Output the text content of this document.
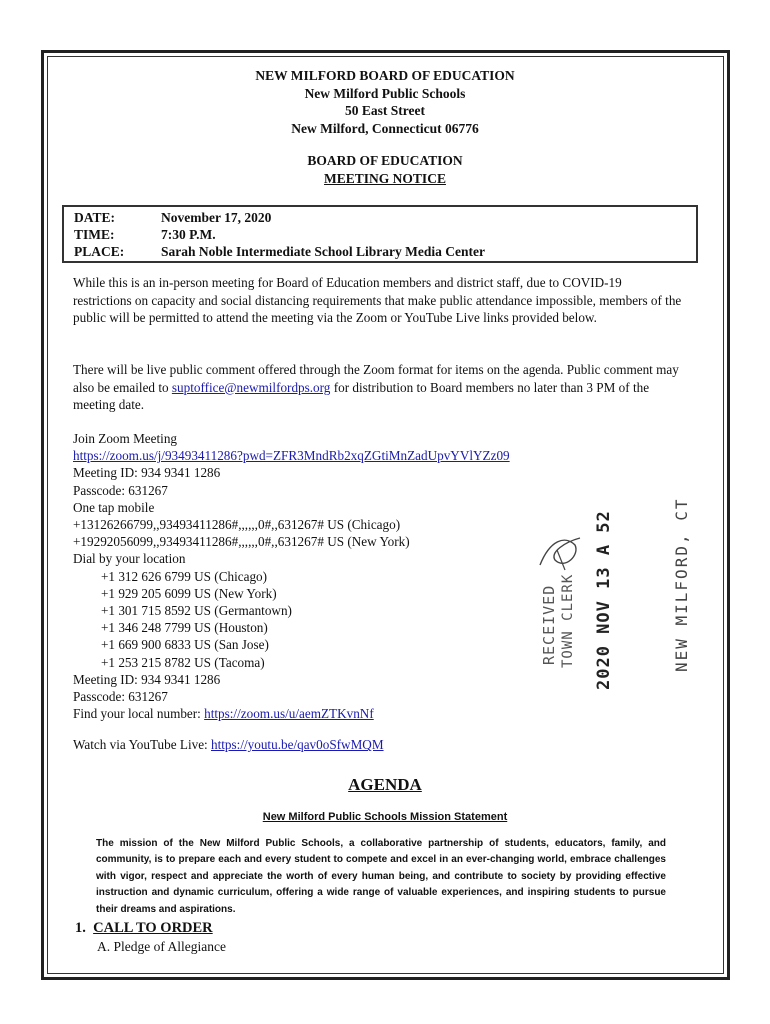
NEW MILFORD BOARD OF EDUCATION
New Milford Public Schools
50 East Street
New Milford, Connecticut 06776
BOARD OF EDUCATION
MEETING NOTICE
DATE:	November 17, 2020
TIME:	7:30 P.M.
PLACE:	Sarah Noble Intermediate School Library Media Center
While this is an in-person meeting for Board of Education members and district staff, due to COVID-19 restrictions on capacity and social distancing requirements that make public attendance impossible, members of the public will be permitted to attend the meeting via the Zoom or YouTube Live links provided below.
There will be live public comment offered through the Zoom format for items on the agenda. Public comment may also be emailed to suptoffice@newmilfordps.org for distribution to Board members no later than 3 PM of the meeting date.
Join Zoom Meeting
https://zoom.us/j/93493411286?pwd=ZFR3MndRb2xqZGtiMnZadUpvYVlYZz09
Meeting ID: 934 9341 1286
Passcode: 631267
One tap mobile
+13126266799,,93493411286#,,,,,,0#,,631267# US (Chicago)
+19292056099,,93493411286#,,,,,,0#,,631267# US (New York)
Dial by your location
+1 312 626 6799 US (Chicago)
+1 929 205 6099 US (New York)
+1 301 715 8592 US (Germantown)
+1 346 248 7799 US (Houston)
+1 669 900 6833 US (San Jose)
+1 253 215 8782 US (Tacoma)
Meeting ID: 934 9341 1286
Passcode: 631267
Find your local number: https://zoom.us/u/aemZTKvnNf
Watch via YouTube Live: https://youtu.be/qav0oSfwMQM
RECEIVED TOWN CLERK 2020 NOV 13 A 52	NEW MILFORD, CT
AGENDA
New Milford Public Schools Mission Statement
The mission of the New Milford Public Schools, a collaborative partnership of students, educators, family, and community, is to prepare each and every student to compete and excel in an ever-changing world, embrace challenges with vigor, respect and appreciate the worth of every human being, and contribute to society by providing effective instruction and dynamic curriculum, offering a wide range of valuable experiences, and inspiring students to pursue their dreams and aspirations.
1. CALL TO ORDER
A. Pledge of Allegiance
